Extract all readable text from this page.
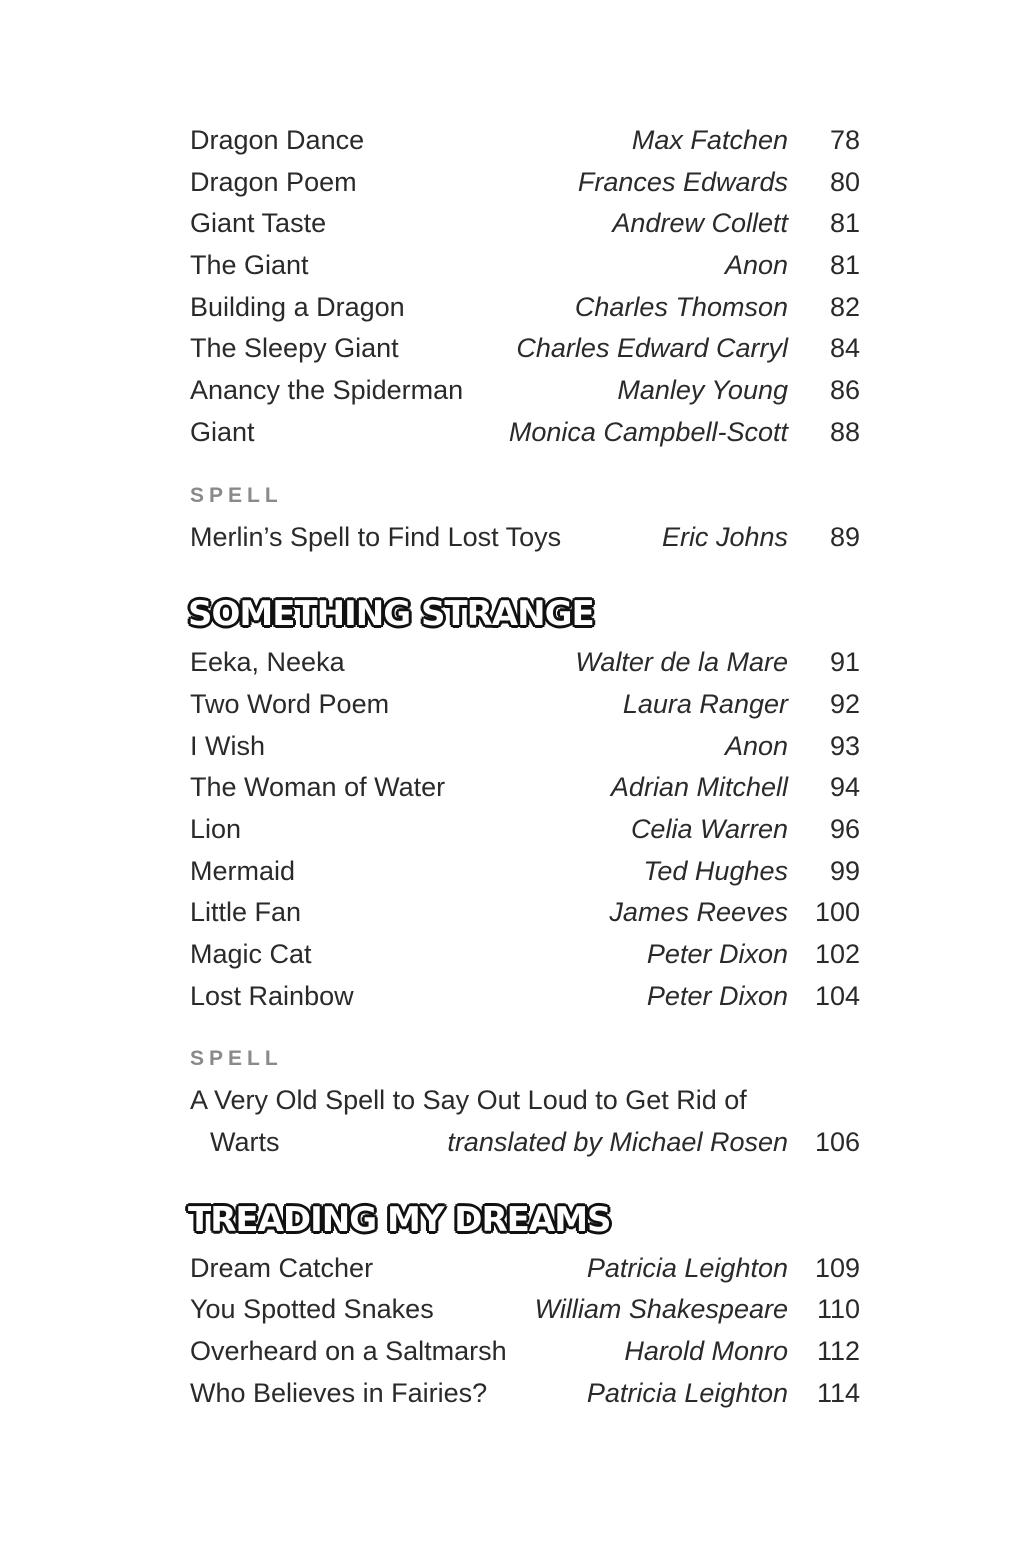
Dragon Dance	Max Fatchen 78
Dragon Poem	Frances Edwards 80
Giant Taste	Andrew Collett 81
The Giant	Anon 81
Building a Dragon	Charles Thomson 82
The Sleepy Giant	Charles Edward Carryl 84
Anancy the Spiderman	Manley Young 86
Giant	Monica Campbell-Scott 88
SPELL
Merlin’s Spell to Find Lost Toys	Eric Johns 89
SOMETHING STRANGE
Eeka, Neeka	Walter de la Mare 91
Two Word Poem	Laura Ranger 92
I Wish	Anon 93
The Woman of Water	Adrian Mitchell 94
Lion	Celia Warren 96
Mermaid	Ted Hughes 99
Little Fan	James Reeves 100
Magic Cat	Peter Dixon 102
Lost Rainbow	Peter Dixon 104
SPELL
A Very Old Spell to Say Out Loud to Get Rid of
Warts	translated by Michael Rosen 106
TREADING MY DREAMS
Dream Catcher	Patricia Leighton 109
You Spotted Snakes	William Shakespeare 110
Overheard on a Saltmarsh	Harold Monro 112
Who Believes in Fairies?	Patricia Leighton 114
